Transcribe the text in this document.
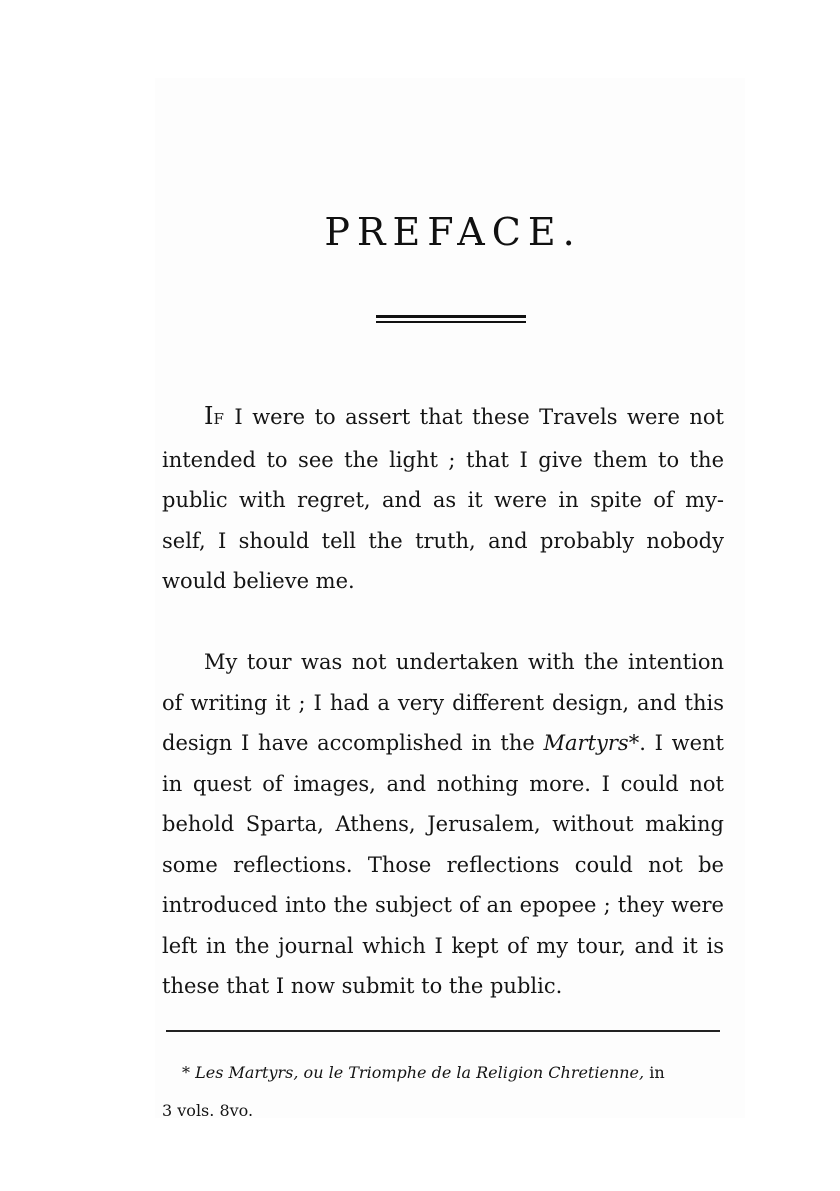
PREFACE.
IF I were to assert that these Travels were not
intended to see the light ; that I give them to the
public with regret, and as it were in spite of my-
self, I should tell the truth, and probably nobody
would believe me.
My tour was not undertaken with the intention
of writing it ; I had a very different design, and this
design I have accomplished in the Martyrs*. I went
in quest of images, and nothing more. I could not
behold Sparta, Athens, Jerusalem, without making
some reflections. Those reflections could not be
introduced into the subject of an epopee ; they were
left in the journal which I kept of my tour, and it is
these that I now submit to the public.
* Les Martyrs, ou le Triomphe de la Religion Chretienne, in
3 vols. 8vo.
